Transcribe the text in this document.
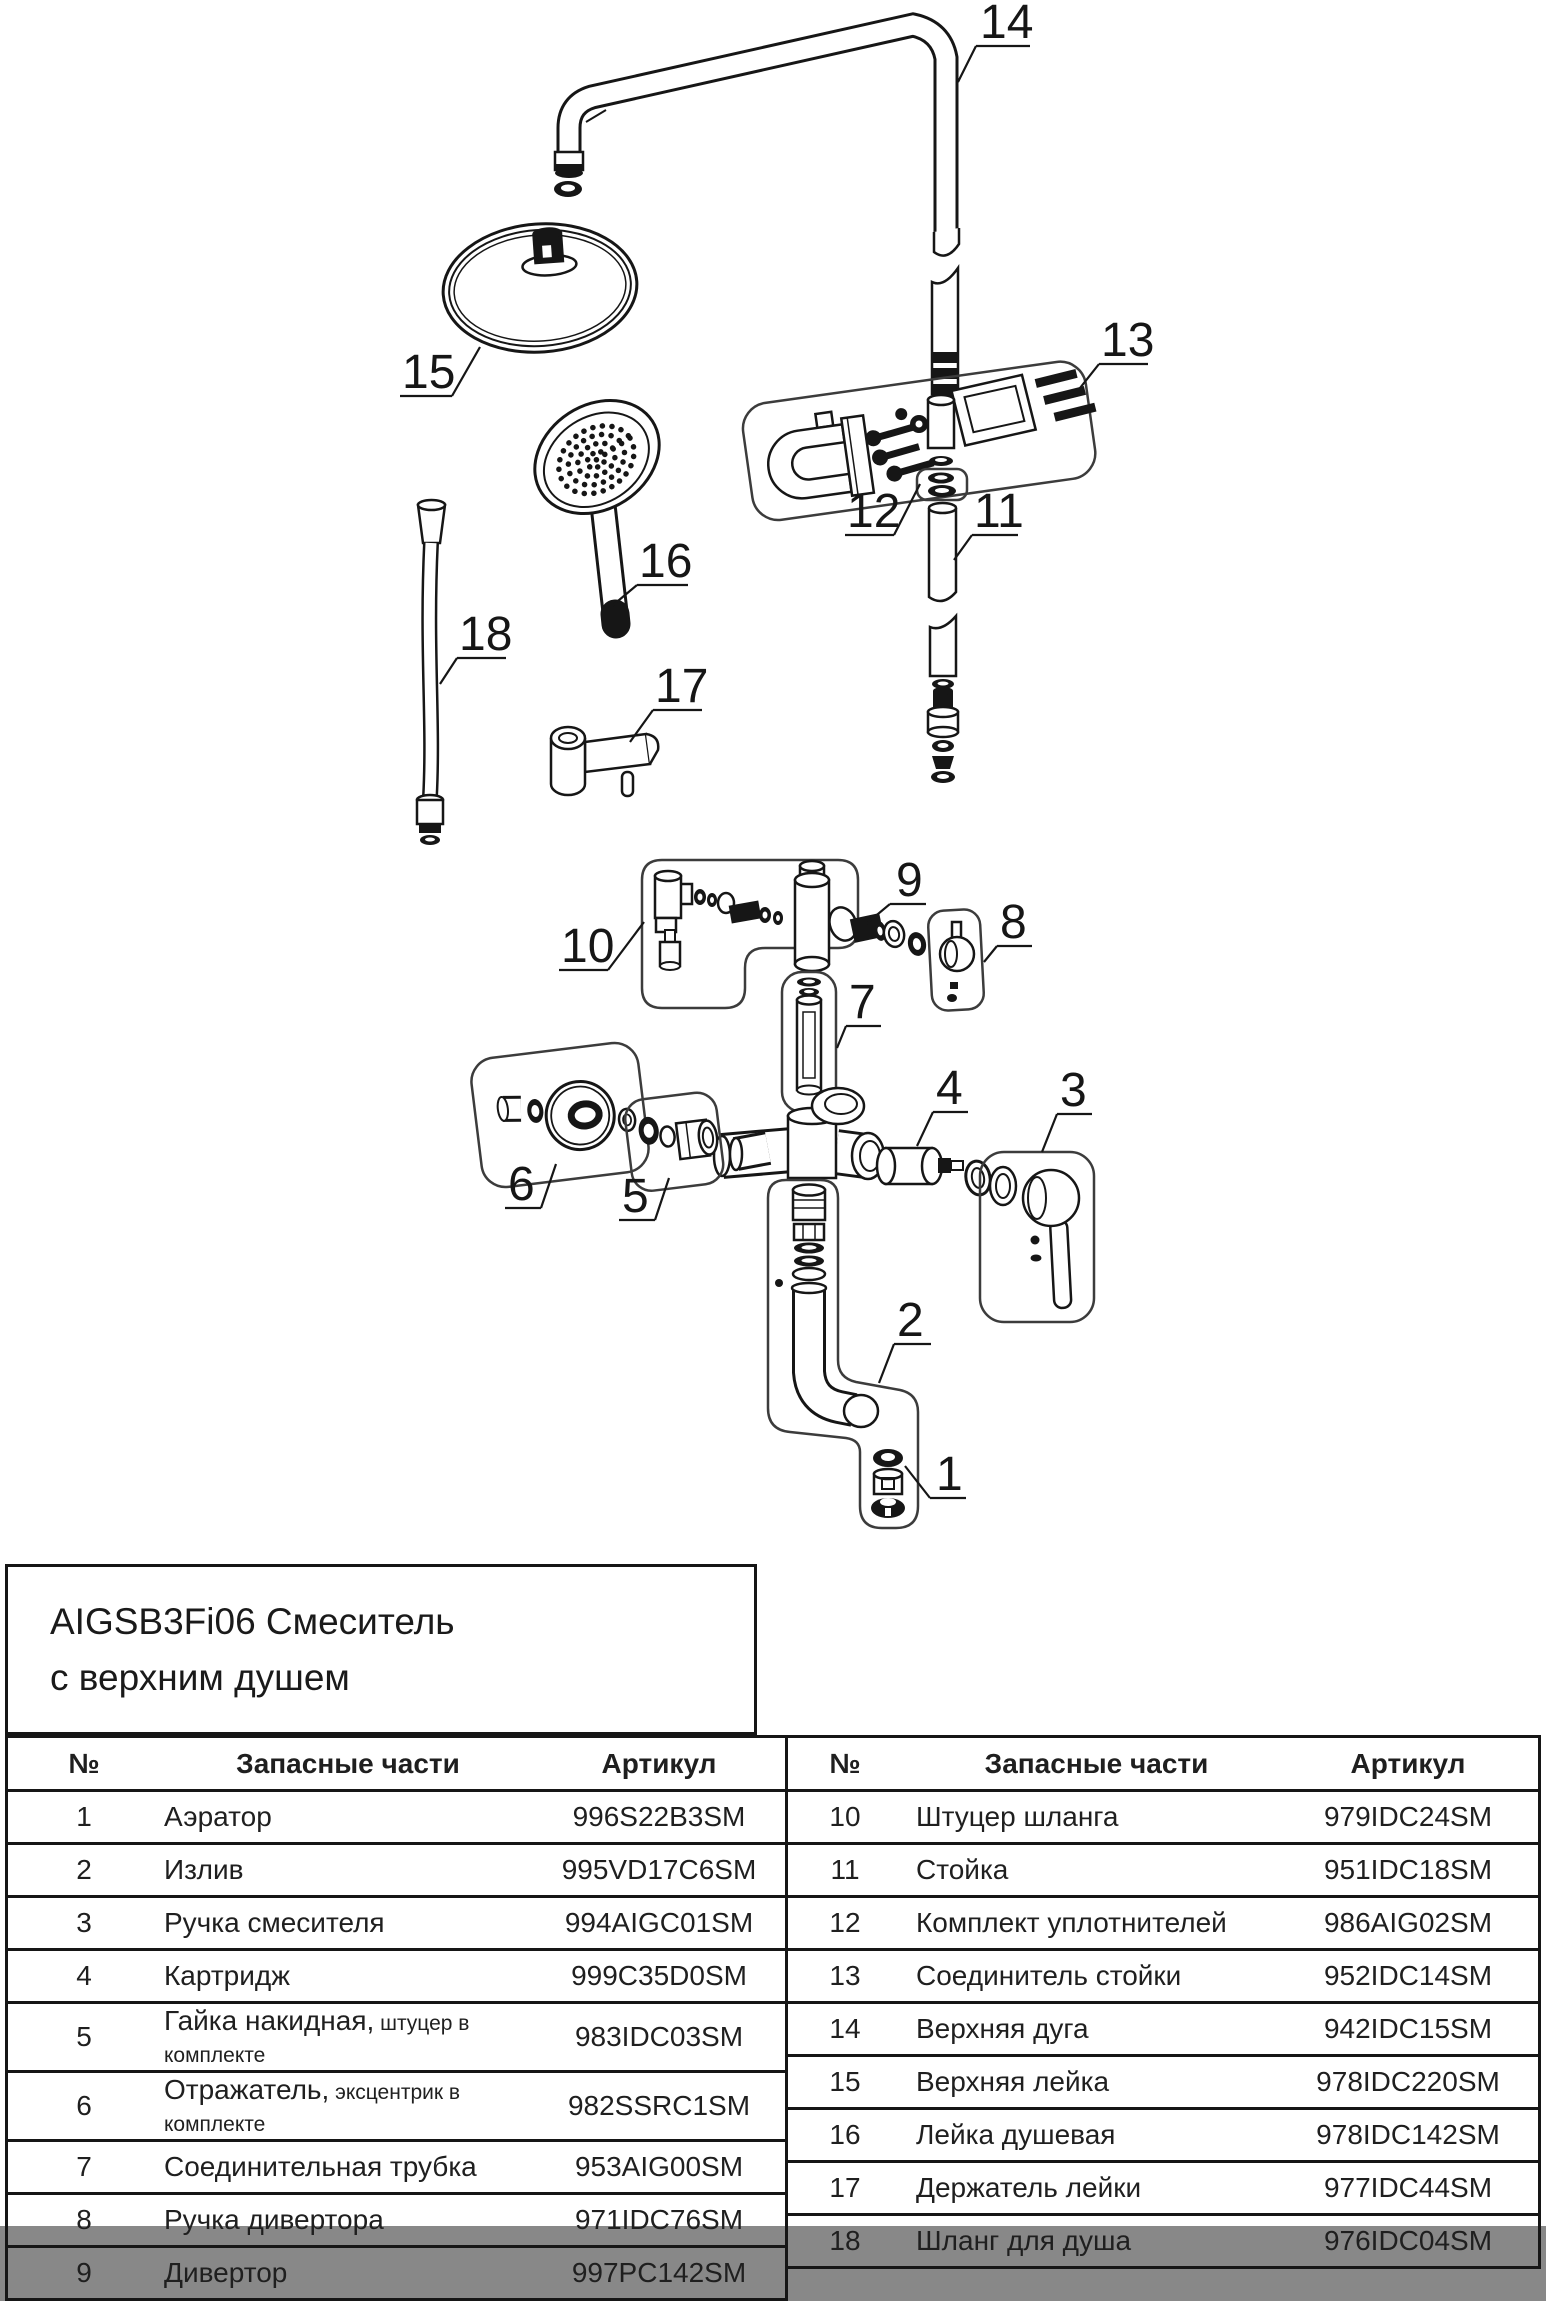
14
15
16
17
18
13
12 11
10
9
8
7
4 3
6 5
2
1
AIGSB3Fi06 Смеситель
с верхним душем
№	Запасные части	Артикул
1	Аэратор	996S22B3SM
2	Излив	995VD17C6SM
3	Ручка смесителя	994AIGC01SM
4	Картридж	999C35D0SM
5	Гайка накидная, штуцер в комплекте	983IDC03SM
6	Отражатель, эксцентрик в комплекте	982SSRC1SM
7	Соединительная трубка	953AIG00SM
8	Ручка дивертора	971IDC76SM
9	Дивертор	997PC142SM
№	Запасные части	Артикул
10	Штуцер шланга	979IDC24SM
11	Стойка	951IDC18SM
12	Комплект уплотнителей	986AIG02SM
13	Соединитель стойки	952IDC14SM
14	Верхняя дуга	942IDC15SM
15	Верхняя лейка	978IDC220SM
16	Лейка душевая	978IDC142SM
17	Держатель лейки	977IDC44SM
18	Шланг для душа	976IDC04SM
